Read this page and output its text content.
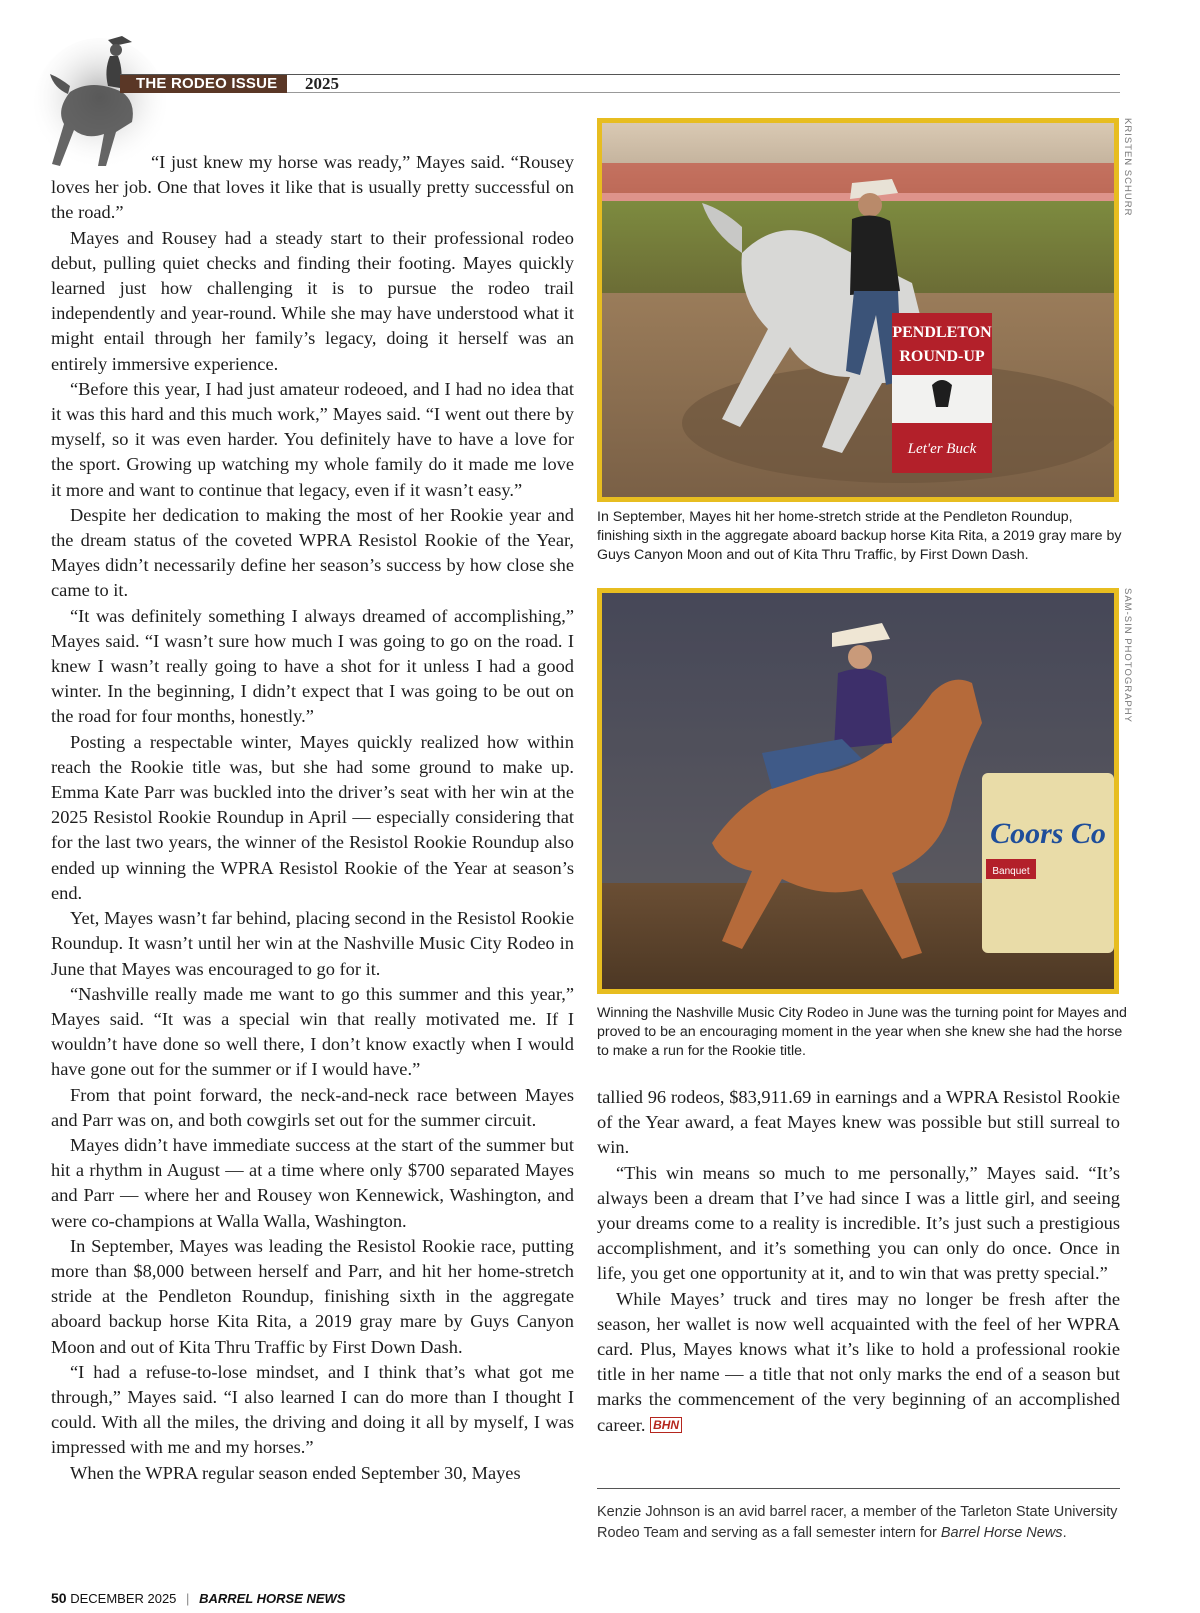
THE RODEO ISSUE	2025

“I just knew my horse was ready,” Mayes said. “Rousey loves her job. One that loves it like that is usually pretty successful on the road.”

Mayes and Rousey had a steady start to their professional rodeo debut, pulling quiet checks and finding their footing. Mayes quickly learned just how challenging it is to pursue the rodeo trail independently and year-round. While she may have understood what it might entail through her family’s legacy, doing it herself was an entirely immersive experience.

“Before this year, I had just amateur rodeoed, and I had no idea that it was this hard and this much work,” Mayes said. “I went out there by myself, so it was even harder. You definitely have to have a love for the sport. Growing up watching my whole family do it made me love it more and want to continue that legacy, even if it wasn’t easy.”

Despite her dedication to making the most of her Rookie year and the dream status of the coveted WPRA Resistol Rookie of the Year, Mayes didn’t necessarily define her season’s success by how close she came to it.

“It was definitely something I always dreamed of accomplishing,” Mayes said. “I wasn’t sure how much I was going to go on the road. I knew I wasn’t really going to have a shot for it unless I had a good winter. In the beginning, I didn’t expect that I was going to be out on the road for four months, honestly.”

Posting a respectable winter, Mayes quickly realized how within reach the Rookie title was, but she had some ground to make up. Emma Kate Parr was buckled into the driver’s seat with her win at the 2025 Resistol Rookie Roundup in April — especially considering that for the last two years, the winner of the Resistol Rookie Roundup also ended up winning the WPRA Resistol Rookie of the Year at season’s end.

Yet, Mayes wasn’t far behind, placing second in the Resistol Rookie Roundup. It wasn’t until her win at the Nashville Music City Rodeo in June that Mayes was encouraged to go for it.

“Nashville really made me want to go this summer and this year,” Mayes said. “It was a special win that really motivated me. If I wouldn’t have done so well there, I don’t know exactly when I would have gone out for the summer or if I would have.”

From that point forward, the neck-and-neck race between Mayes and Parr was on, and both cowgirls set out for the summer circuit.

Mayes didn’t have immediate success at the start of the summer but hit a rhythm in August — at a time where only $700 separated Mayes and Parr — where her and Rousey won Kennewick, Washington, and were co-champions at Walla Walla, Washington.

In September, Mayes was leading the Resistol Rookie race, putting more than $8,000 between herself and Parr, and hit her home-stretch stride at the Pendleton Roundup, finishing sixth in the aggregate aboard backup horse Kita Rita, a 2019 gray mare by Guys Canyon Moon and out of Kita Thru Traffic by First Down Dash.

“I had a refuse-to-lose mindset, and I think that’s what got me through,” Mayes said. “I also learned I can do more than I thought I could. With all the miles, the driving and doing it all by myself, I was impressed with me and my horses.”

When the WPRA regular season ended September 30, Mayes

PENDLETON
ROUND-UP
Let'er Buck
KRISTEN SCHURR
In September, Mayes hit her home-stretch stride at the Pendleton Roundup, finishing sixth in the aggregate aboard backup horse Kita Rita, a 2019 gray mare by Guys Canyon Moon and out of Kita Thru Traffic, by First Down Dash.
Coors Co
Banquet
SAM-SIN PHOTOGRAPHY
Winning the Nashville Music City Rodeo in June was the turning point for Mayes and proved to be an encouraging moment in the year when she knew she had the horse to make a run for the Rookie title.

tallied 96 rodeos, $83,911.69 in earnings and a WPRA Resistol Rookie of the Year award, a feat Mayes knew was possible but still surreal to win.

“This win means so much to me personally,” Mayes said. “It’s always been a dream that I’ve had since I was a little girl, and seeing your dreams come to a reality is incredible. It’s just such a prestigious accomplishment, and it’s something you can only do once. Once in life, you get one opportunity at it, and to win that was pretty special.”

While Mayes’ truck and tires may no longer be fresh after the season, her wallet is now well acquainted with the feel of her WPRA card. Plus, Mayes knows what it’s like to hold a professional rookie title in her name — a title that not only marks the end of a season but marks the commencement of the very beginning of an accomplished career. BHN

Kenzie Johnson is an avid barrel racer, a member of the Tarleton State University Rodeo Team and serving as a fall semester intern for Barrel Horse News.
50 DECEMBER 2025 | BARREL HORSE NEWS
